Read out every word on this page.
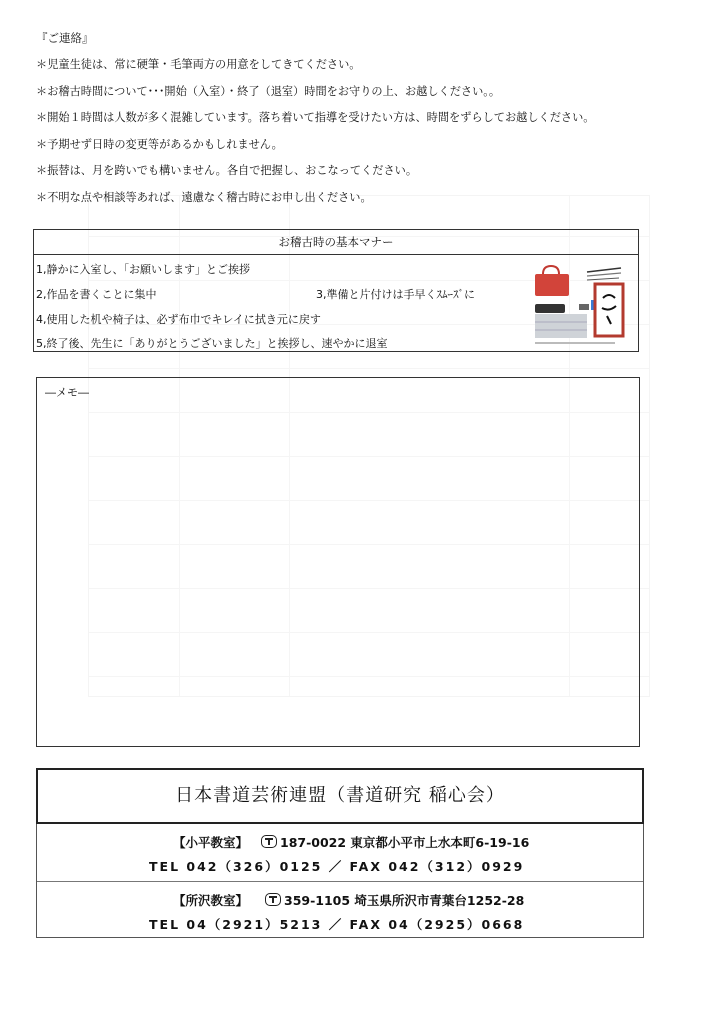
『ご連絡』

＊児童生徒は、常に硬筆・毛筆両方の用意をしてきてください。

＊お稽古時間について･･･開始（入室）・終了（退室）時間をお守りの上、お越しください。。

＊開始１時間は人数が多く混雑しています。落ち着いて指導を受けたい方は、時間をずらしてお越しください。

＊予期せず日時の変更等があるかもしれません。

＊振替は、月を跨いでも構いません。各自で把握し、おこなってください。

＊不明な点や相談等あれば、遠慮なく稽古時にお申し出ください。

お稽古時の基本マナー
1,静かに入室し、「お願いします」とご挨拶
2,作品を書くことに集中	3,準備と片付けは手早くｽﾑｰｽﾞに
4,使用した机や椅子は、必ず布巾でキレイに拭き元に戻す
5,終了後、先生に「ありがとうございました」と挨拶し、速やかに退室
―メモ―
日本書道芸術連盟（書道研究 稲心会）
【小平教室】	187-0022 東京都小平市上水本町6-19-16
TEL 042（326）0125 ／ FAX 042（312）0929
【所沢教室】	359-1105 埼玉県所沢市青葉台1252-28
TEL 04（2921）5213 ／ FAX 04（2925）0668
